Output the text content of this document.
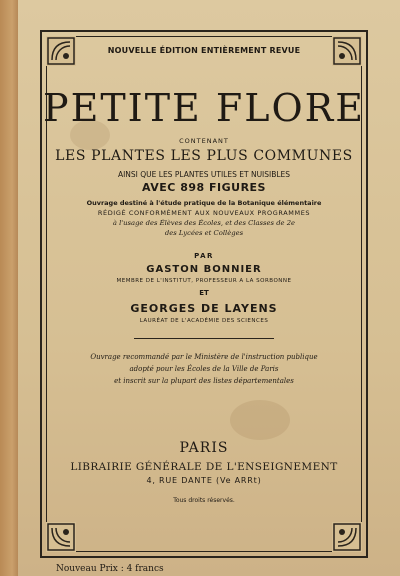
NOUVELLE ÉDITION ENTIÈREMENT REVUE
PETITE FLORE
CONTENANT
LES PLANTES LES PLUS COMMUNES
AINSI QUE LES PLANTES UTILES ET NUISIBLES
AVEC 898 FIGURES
Ouvrage destiné à l'étude pratique de la Botanique élémentaire
RÉDIGÉ CONFORMÉMENT AUX NOUVEAUX PROGRAMMES
à l'usage des Élèves des Écoles, et des Classes de 2e
des Lycées et Collèges
PAR
GASTON BONNIER
MEMBRE DE L'INSTITUT, PROFESSEUR A LA SORBONNE
ET
GEORGES DE LAYENS
LAURÉAT DE L'ACADÉMIE DES SCIENCES
Ouvrage recommandé par le Ministère de l'instruction publique
adopté pour les Écoles de la Ville de Paris
et inscrit sur la plupart des listes départementales
PARIS
LIBRAIRIE GÉNÉRALE DE L'ENSEIGNEMENT
4, RUE DANTE (Ve ARRt)
Tous droits réservés.
Nouveau Prix : 4 francs
